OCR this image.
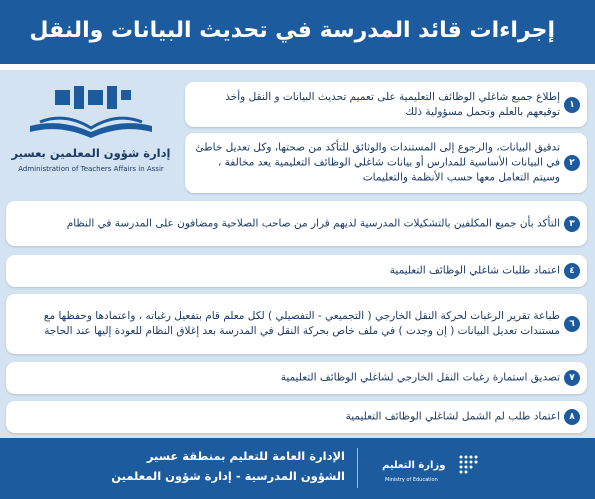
إجراءات قائد المدرسة في تحديث البيانات والنقل
إدارة شؤون المعلمين بعسير
Administration of Teachers Affairs in Assir
١
إطلاع جميع شاغلي الوظائف التعليمية على تعميم تحديث البيانات و النقل وأخذ توقيعهم بالعلم وتحمل مسؤولية ذلك
٢
تدقيق البيانات، والرجوع إلى المستندات والوثائق للتأكد من صحتها، وكل تعديل خاطئ في البيانات الأساسية للمدارس أو بيانات شاغلي الوظائف التعليمية يعد مخالفة ، وسيتم التعامل معها حسب الأنظمة والتعليمات
٣
التأكد بأن جميع المكلفين بالتشكيلات المدرسية لديهم قرار من صاحب الصلاحية ومضافون على المدرسة في النظام
٤
اعتماد طلبات شاغلي الوظائف التعليمية
٦
طباعة تقرير الرغبات لحركة النقل الخارجي ( التجميعي - التفصيلي ) لكل معلم قام بتفعيل رغباته ، واعتمادها وحفظها مع مستندات تعديل البيانات ( إن وجدت ) في ملف خاص بحركة النقل في المدرسة بعد إغلاق النظام للعودة إليها عند الحاجة
٧
تصديق استمارة رغبات النقل الخارجي لشاغلي الوظائف التعليمية
٨
اعتماد طلب لم الشمل لشاغلي الوظائف التعليمية
الإدارة العامة للتعليم بمنطقة عسير
الشؤون المدرسية - إدارة شؤون المعلمين
وزارة التعليم
Ministry of Education
